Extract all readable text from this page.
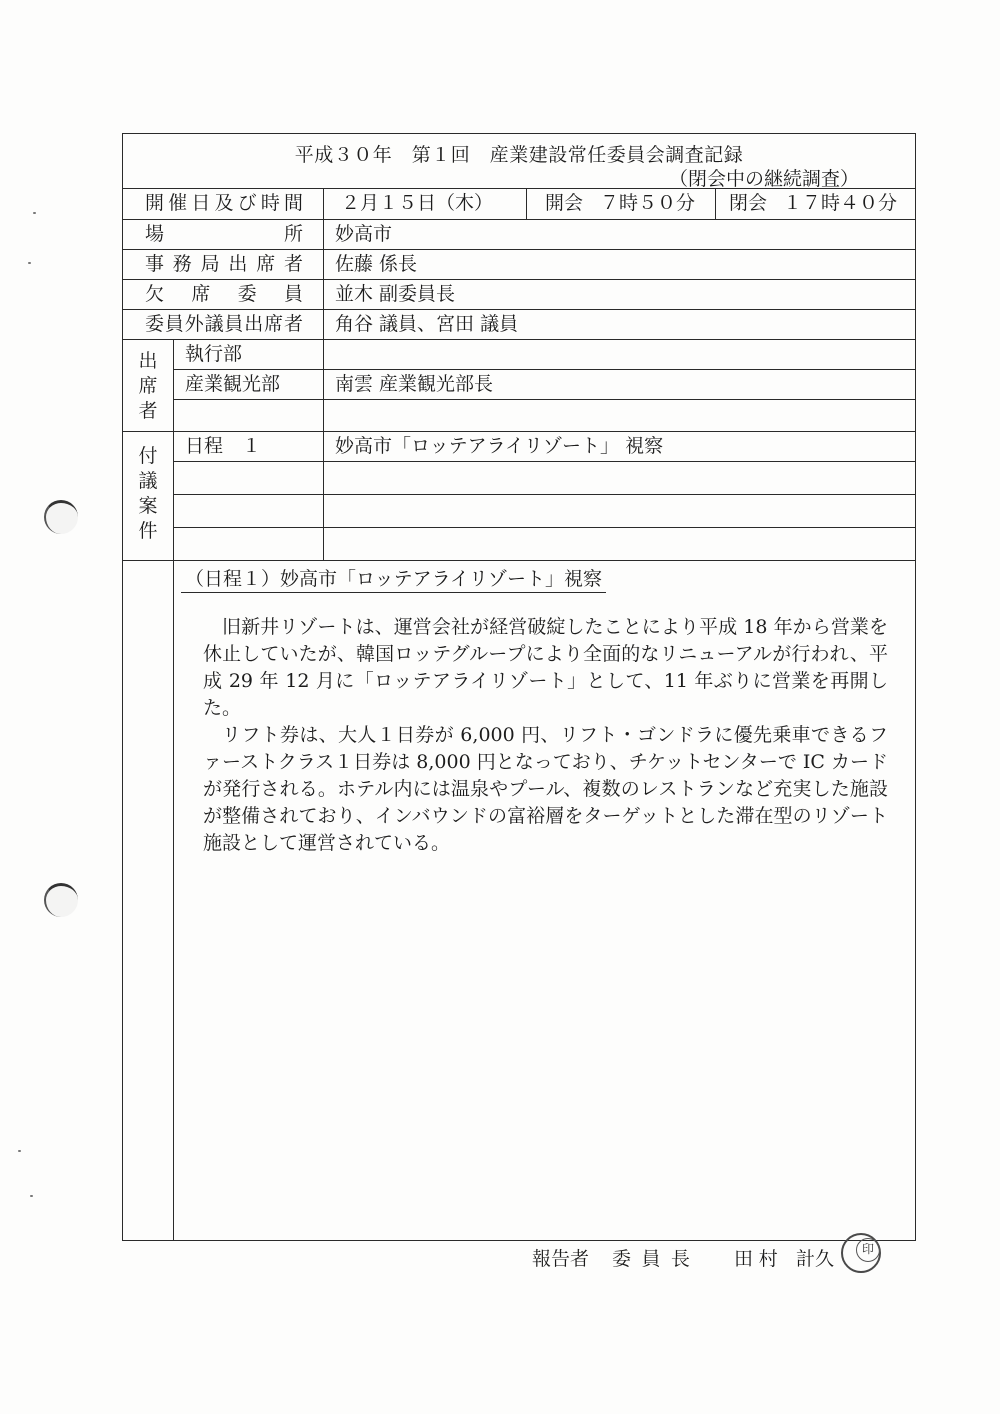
平成３０年　第１回　産業建設常任委員会調査記録
（閉会中の継続調査）
開催日及び時間 ２月１５日（木）	開会 ７時５０分 閉会 １７時４０分
場所 妙高市
事務局出席者 佐藤 係長
欠席委員 並木 副委員長
委員外議員出席者 角谷 議員、宮田 議員
出席者
執行部
産業観光部	南雲 産業観光部長
付議案件
日程　１	妙高市「ロッテアライリゾート」 視察
（日程１）妙高市「ロッテアライリゾート」視察

旧新井リゾートは、運営会社が経営破綻したことにより平成 18 年から営業を休止していたが、韓国ロッテグループにより全面的なリニューアルが行われ、平成 29 年 12 月に「ロッテアライリゾート」として、11 年ぶりに営業を再開した。

リフト券は、大人１日券が 6,000 円、リフト・ゴンドラに優先乗車できるファーストクラス１日券は 8,000 円となっており、チケットセンターで IC カードが発行される。ホテル内には温泉やプール、複数のレストランなど充実した施設が整備されており、インバウンドの富裕層をターゲットとした滞在型のリゾート施設として運営されている。

報告者 委員長 田村 計久	印
